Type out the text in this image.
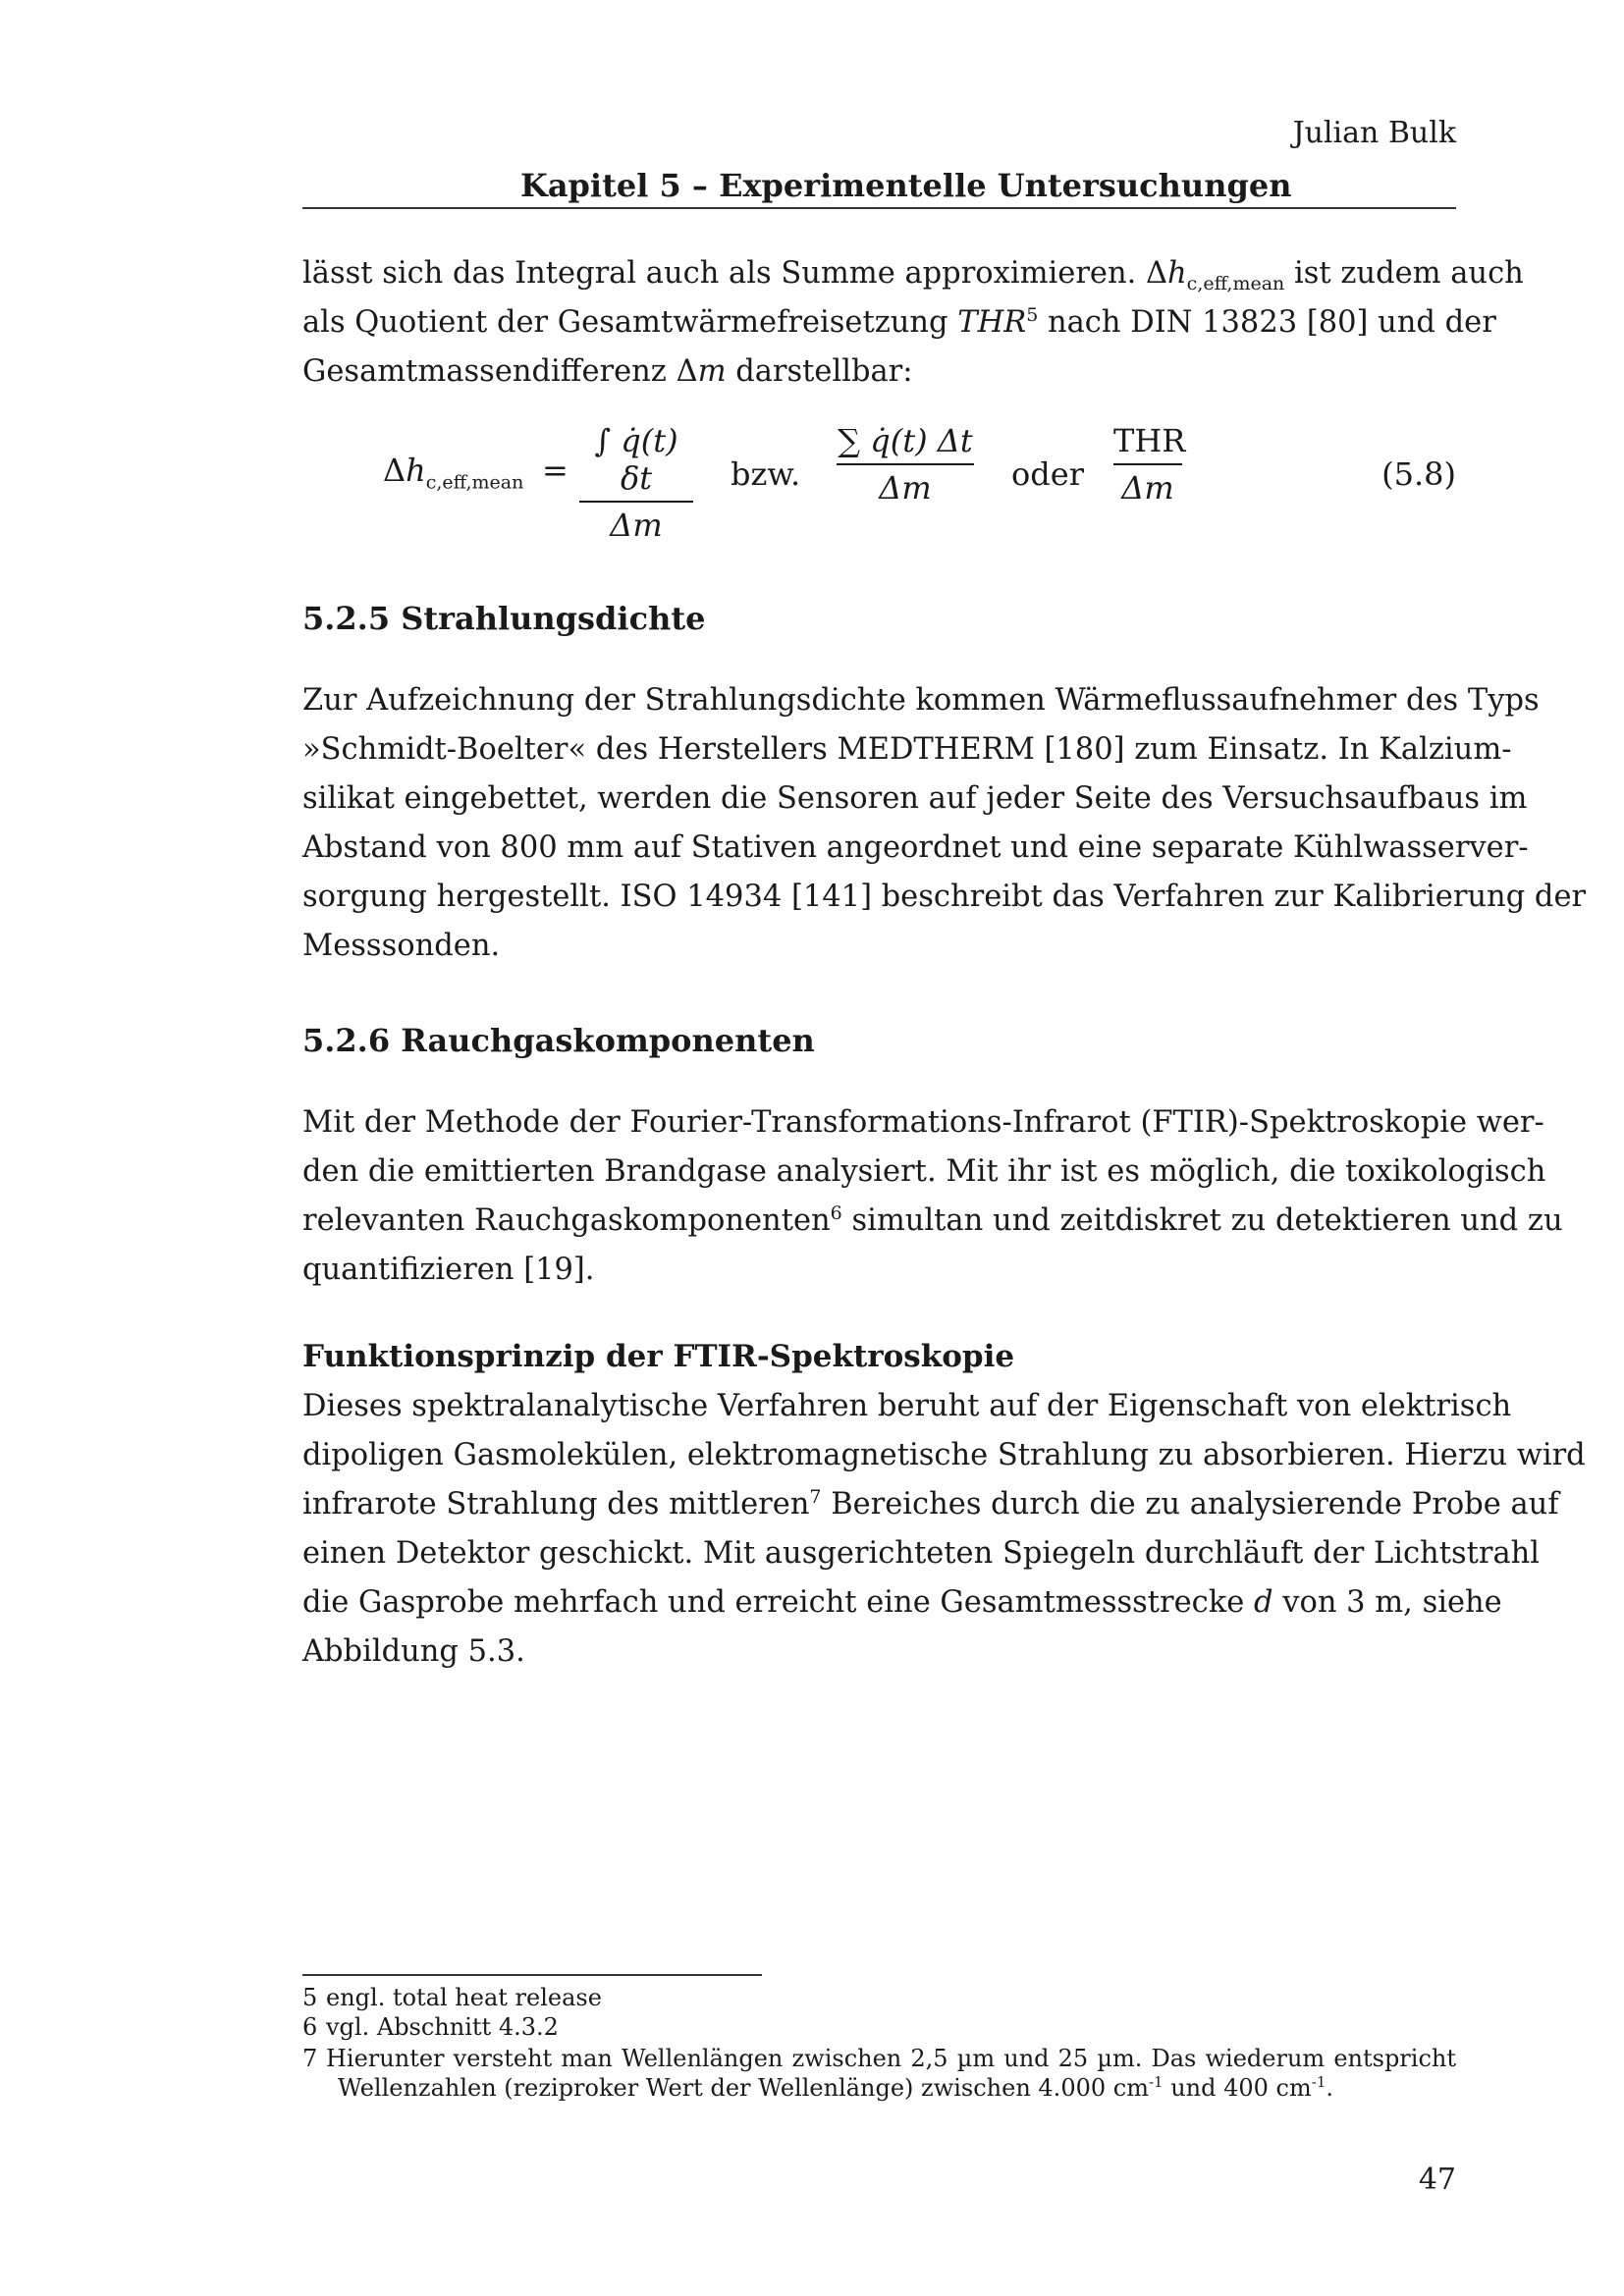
Julian Bulk
Kapitel 5 – Experimentelle Untersuchungen
lässt sich das Integral auch als Summe approximieren. $\Delta h_{c,eff,mean}$ ist zudem auch
als Quotient der Gesamtwärmefreisetzung THR$^5$ nach DIN 13823 [80] und der
Gesamtmassendifferenz Δm darstellbar:
$\Delta h_{c,eff,mean}$ =
∫ q̇(t) δt
Δm
bzw.
∑ q̇(t) Δt
Δm	oder
THR
Δm	(5.8)
5.2.5 Strahlungsdichte
Zur Aufzeichnung der Strahlungsdichte kommen Wärmeflussaufnehmer des Typs
»Schmidt-Boelter« des Herstellers MEDTHERM [180] zum Einsatz. In Kalzium-
silikat eingebettet, werden die Sensoren auf jeder Seite des Versuchsaufbaus im
Abstand von 800 mm auf Stativen angeordnet und eine separate Kühlwasserver-
sorgung hergestellt. ISO 14934 [141] beschreibt das Verfahren zur Kalibrierung der
Messsonden.
5.2.6 Rauchgaskomponenten
Mit der Methode der Fourier-Transformations-Infrarot (FTIR)-Spektroskopie wer-
den die emittierten Brandgase analysiert. Mit ihr ist es möglich, die toxikologisch
relevanten Rauchgaskomponenten$^6$ simultan und zeitdiskret zu detektieren und zu
quantifizieren [19].
Funktionsprinzip der FTIR-Spektroskopie
Dieses spektralanalytische Verfahren beruht auf der Eigenschaft von elektrisch
dipoligen Gasmolekülen, elektromagnetische Strahlung zu absorbieren. Hierzu wird
infrarote Strahlung des mittleren$^7$ Bereiches durch die zu analysierende Probe auf
einen Detektor geschickt. Mit ausgerichteten Spiegeln durchläuft der Lichtstrahl
die Gasprobe mehrfach und erreicht eine Gesamtmessstrecke d von 3 m, siehe
Abbildung 5.3.
5 engl. total heat release
6 vgl. Abschnitt 4.3.2
7 Hierunter versteht man Wellenlängen zwischen 2,5 µm und 25 µm. Das wiederum entspricht
Wellenzahlen (reziproker Wert der Wellenlänge) zwischen 4.000 $cm^{-1}$ und 400 $cm^{-1}$.
47
